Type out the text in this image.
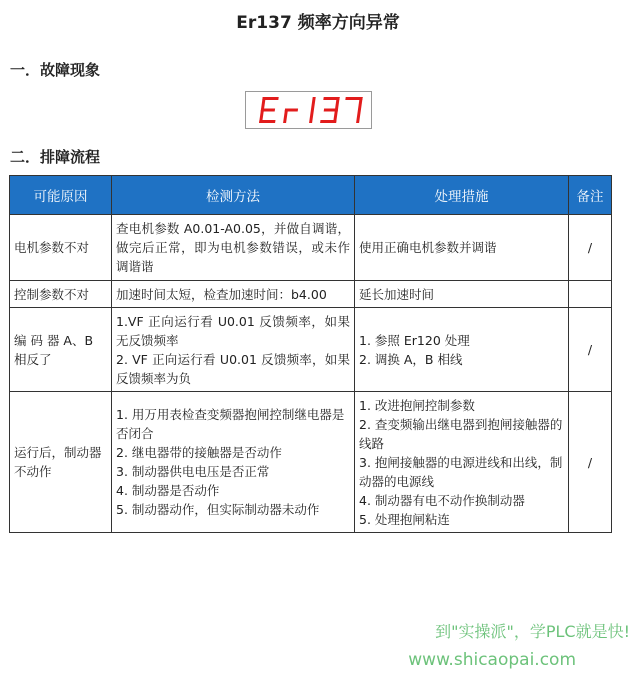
Er137 频率方向异常
一．故障现象
二．排障流程
可能原因	检测方法	处理措施	备注

电机参数不对	查电机参数 A0.01-A0.05，并做自调谐，做完后正常，即为电机参数错误，或未作调谐谐	使用正确电机参数并调谐	/

控制参数不对	加速时间太短，检查加速时间：b4.00	延长加速时间	

编 码 器 A、B 相反了	1.VF 正向运行看 U0.01 反馈频率，如果无反馈频率
2. VF 正向运行看 U0.01 反馈频率，如果反馈频率为负	1. 参照 Er120 处理
2. 调换 A，B 相线	/

运行后，制动器不动作	1. 用万用表检查变频器抱闸控制继电器是否闭合
2. 继电器带的接触器是否动作
3. 制动器供电电压是否正常
4. 制动器是否动作
5. 制动器动作，但实际制动器未动作	1. 改进抱闸控制参数
2. 查变频输出继电器到抱闸接触器的线路
3. 抱闸接触器的电源进线和出线，制动器的电源线
4. 制动器有电不动作换制动器
5. 处理抱闸粘连	/
到"实操派"，学PLC就是快!
www.shicaopai.com
